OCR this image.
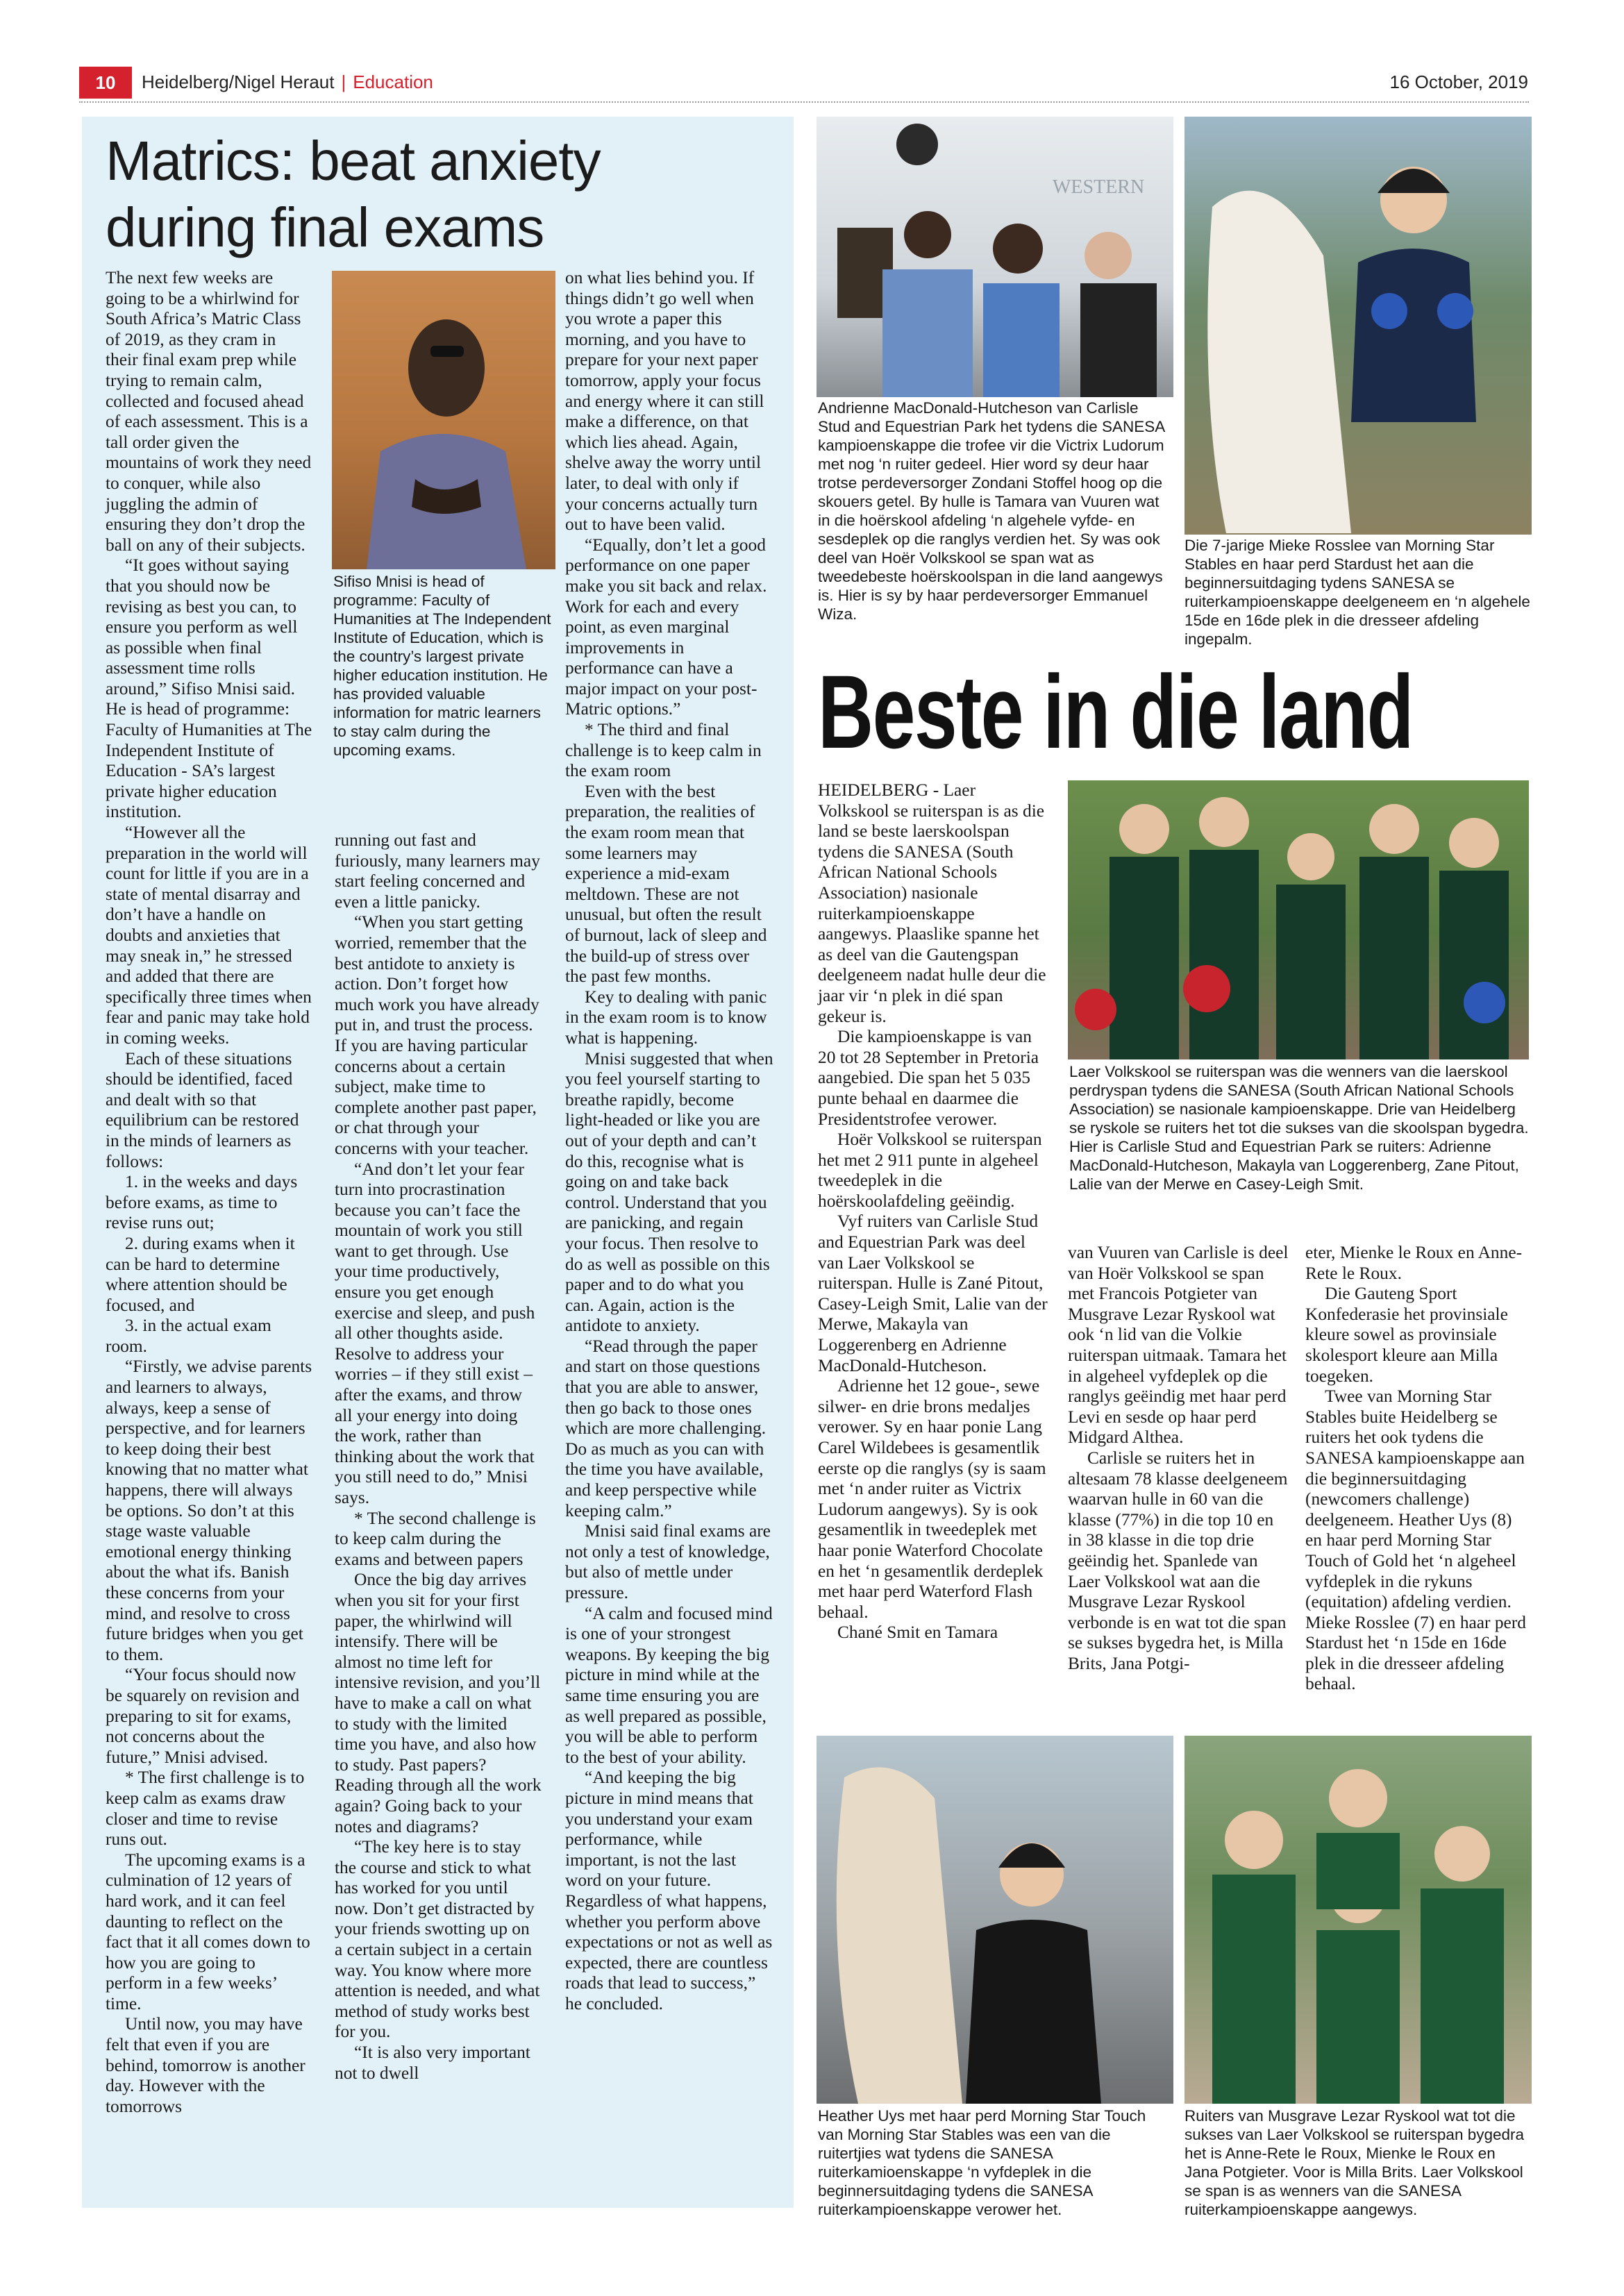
10	Heidelberg/Nigel Heraut | Education	16 October, 2019
Matrics: beat anxiety
during final exams

The next few weeks are going to be a whirlwind for South Africa’s Matric Class of 2019, as they cram in their final exam prep while trying to remain calm, collected and focused ahead of each assessment. This is a tall order given the mountains of work they need to conquer, while also juggling the admin of ensuring they don’t drop the ball on any of their subjects.

“It goes without saying that you should now be revising as best you can, to ensure you perform as well as possible when final assessment time rolls around,” Sifiso Mnisi said. He is head of programme: Faculty of Humanities at The Independent Institute of Education - SA’s largest private higher education institution.

“However all the preparation in the world will count for little if you are in a state of mental disarray and don’t have a handle on doubts and anxieties that may sneak in,” he stressed and added that there are specifically three times when fear and panic may take hold in coming weeks.

Each of these situations should be identified, faced and dealt with so that equilibrium can be restored in the minds of learners as follows:

1. in the weeks and days before exams, as time to revise runs out;

2. during exams when it can be hard to determine where attention should be focused, and

3. in the actual exam room.

“Firstly, we advise parents and learners to always, always, keep a sense of perspective, and for learners to keep doing their best knowing that no matter what happens, there will always be options. So don’t at this stage waste valuable emotional energy thinking about the what ifs. Banish these concerns from your mind, and resolve to cross future bridges when you get to them.

“Your focus should now be squarely on revision and preparing to sit for exams, not concerns about the future,” Mnisi advised.

* The first challenge is to keep calm as exams draw closer and time to revise runs out.

The upcoming exams is a culmination of 12 years of hard work, and it can feel daunting to reflect on the fact that it all comes down to how you are going to perform in a few weeks’ time.

Until now, you may have felt that even if you are behind, tomorrow is another day. However with the tomorrows

Sifiso Mnisi is head of programme: Faculty of Humanities at The Independent Institute of Education, which is the country’s largest private higher education institution. He has provided valuable information for matric learners to stay calm during the upcoming exams.

running out fast and furiously, many learners may start feeling concerned and even a little panicky.

“When you start getting worried, remember that the best antidote to anxiety is action. Don’t forget how much work you have already put in, and trust the process. If you are having particular concerns about a certain subject, make time to complete another past paper, or chat through your concerns with your teacher.

“And don’t let your fear turn into procrastination because you can’t face the mountain of work you still want to get through. Use your time productively, ensure you get enough exercise and sleep, and push all other thoughts aside. Resolve to address your worries – if they still exist – after the exams, and throw all your energy into doing the work, rather than thinking about the work that you still need to do,” Mnisi says.

* The second challenge is to keep calm during the exams and between papers

Once the big day arrives when you sit for your first paper, the whirlwind will intensify. There will be almost no time left for intensive revision, and you’ll have to make a call on what to study with the limited time you have, and also how to study. Past papers? Reading through all the work again? Going back to your notes and diagrams?

“The key here is to stay the course and stick to what has worked for you until now. Don’t get distracted by your friends swotting up on a certain subject in a certain way. You know where more attention is needed, and what method of study works best for you.

“It is also very important not to dwell

on what lies behind you. If things didn’t go well when you wrote a paper this morning, and you have to prepare for your next paper tomorrow, apply your focus and energy where it can still make a difference, on that which lies ahead. Again, shelve away the worry until later, to deal with only if your concerns actually turn out to have been valid.

“Equally, don’t let a good performance on one paper make you sit back and relax. Work for each and every point, as even marginal improvements in performance can have a major impact on your post-Matric options.”

* The third and final challenge is to keep calm in the exam room

Even with the best preparation, the realities of the exam room mean that some learners may experience a mid-exam meltdown. These are not unusual, but often the result of burnout, lack of sleep and the build-up of stress over the past few months.

Key to dealing with panic in the exam room is to know what is happening.

Mnisi suggested that when you feel yourself starting to breathe rapidly, become light-headed or like you are out of your depth and can’t do this, recognise what is going on and take back control. Understand that you are panicking, and regain your focus. Then resolve to do as well as possible on this paper and to do what you can. Again, action is the antidote to anxiety.

“Read through the paper and start on those questions that you are able to answer, then go back to those ones which are more challenging. Do as much as you can with the time you have available, and keep perspective while keeping calm.”

Mnisi said final exams are not only a test of knowledge, but also of mettle under pressure.

“A calm and focused mind is one of your strongest weapons. By keeping the big picture in mind while at the same time ensuring you are as well prepared as possible, you will be able to perform to the best of your ability.

“And keeping the big picture in mind means that you understand your exam performance, while important, is not the last word on your future. Regardless of what happens, whether you perform above expectations or not as well as expected, there are countless roads that lead to success,” he concluded.

WESTERN
Andrienne MacDonald-Hutcheson van Carlisle Stud and Equestrian Park het tydens die SANESA kampioenskappe die trofee vir die Victrix Ludorum met nog ‘n ruiter gedeel. Hier word sy deur haar trotse perdeversorger Zondani Stoffel hoog op die skouers getel. By hulle is Tamara van Vuuren wat in die hoërskool afdeling ‘n algehele vyfde- en sesdeplek op die ranglys verdien het. Sy was ook deel van Hoër Volkskool se span wat as tweedebeste hoërskoolspan in die land aangewys is. Hier is sy by haar perdeversorger Emmanuel Wiza.
Die 7-jarige Mieke Rosslee van Morning Star Stables en haar perd Stardust het aan die beginnersuitdaging tydens SANESA se ruiterkampioenskappe deelgeneem en ‘n algehele 15de en 16de plek in die dresseer afdeling ingepalm.
Beste in die land

HEIDELBERG - Laer Volkskool se ruiterspan is as die land se beste laerskoolspan tydens die SANESA (South African National Schools Association) nasionale ruiterkampioenskappe aangewys. Plaaslike spanne het as deel van die Gautengspan deelgeneem nadat hulle deur die jaar vir ‘n plek in dié span gekeur is.

Die kampioenskappe is van 20 tot 28 September in Pretoria aangebied. Die span het 5 035 punte behaal en daarmee die Presidentstrofee verower.

Hoër Volkskool se ruiterspan het met 2 911 punte in algeheel tweedeplek in die hoërskoolafdeling geëindig.

Vyf ruiters van Carlisle Stud and Equestrian Park was deel van Laer Volkskool se ruiterspan. Hulle is Zané Pitout, Casey-Leigh Smit, Lalie van der Merwe, Makayla van Loggerenberg en Adrienne MacDonald-Hutcheson.

Adrienne het 12 goue-, sewe silwer- en drie brons medaljes verower. Sy en haar ponie Lang Carel Wildebees is gesamentlik eerste op die ranglys (sy is saam met ‘n ander ruiter as Victrix Ludorum aangewys). Sy is ook gesamentlik in tweedeplek met haar ponie Waterford Chocolate en het ‘n gesamentlik derdeplek met haar perd Waterford Flash behaal.

Chané Smit en Tamara

Laer Volkskool se ruiterspan was die wenners van die laerskool perdryspan tydens die SANESA (South African National Schools Association) se nasionale kampioenskappe. Drie van Heidelberg se ryskole se ruiters het tot die sukses van die skoolspan bygedra. Hier is Carlisle Stud and Equestrian Park se ruiters: Adrienne MacDonald-Hutcheson, Makayla van Loggerenberg, Zane Pitout, Lalie van der Merwe en Casey-Leigh Smit.

van Vuuren van Carlisle is deel van Hoër Volkskool se span met Francois Potgieter van Musgrave Lezar Ryskool wat ook ‘n lid van die Volkie ruiterspan uitmaak. Tamara het in algeheel vyfdeplek op die ranglys geëindig met haar perd Levi en sesde op haar perd Midgard Althea.

Carlisle se ruiters het in altesaam 78 klasse deelgeneem waarvan hulle in 60 van die klasse (77%) in die top 10 en in 38 klasse in die top drie geëindig het. Spanlede van Laer Volkskool wat aan die Musgrave Lezar Ryskool verbonde is en wat tot die span se sukses bygedra het, is Milla Brits, Jana Potgi-

eter, Mienke le Roux en Anne-Rete le Roux.

Die Gauteng Sport Konfederasie het provinsiale kleure sowel as provinsiale skolesport kleure aan Milla toegeken.

Twee van Morning Star Stables buite Heidelberg se ruiters het ook tydens die SANESA kampioenskappe aan die beginnersuitdaging (newcomers challenge) deelgeneem. Heather Uys (8) en haar perd Morning Star Touch of Gold het ‘n algeheel vyfdeplek in die rykuns (equitation) afdeling verdien. Mieke Rosslee (7) en haar perd Stardust het ‘n 15de en 16de plek in die dresseer afdeling behaal.

Heather Uys met haar perd Morning Star Touch van Morning Star Stables was een van die ruitertjies wat tydens die SANESA ruiterkamioenskappe ‘n vyfdeplek in die beginnersuitdaging tydens die SANESA ruiterkampioenskappe verower het.
Ruiters van Musgrave Lezar Ryskool wat tot die sukses van Laer Volkskool se ruiterspan bygedra het is Anne-Rete le Roux, Mienke le Roux en Jana Potgieter. Voor is Milla Brits. Laer Volkskool se span is as wenners van die SANESA ruiterkampioenskappe aangewys.
